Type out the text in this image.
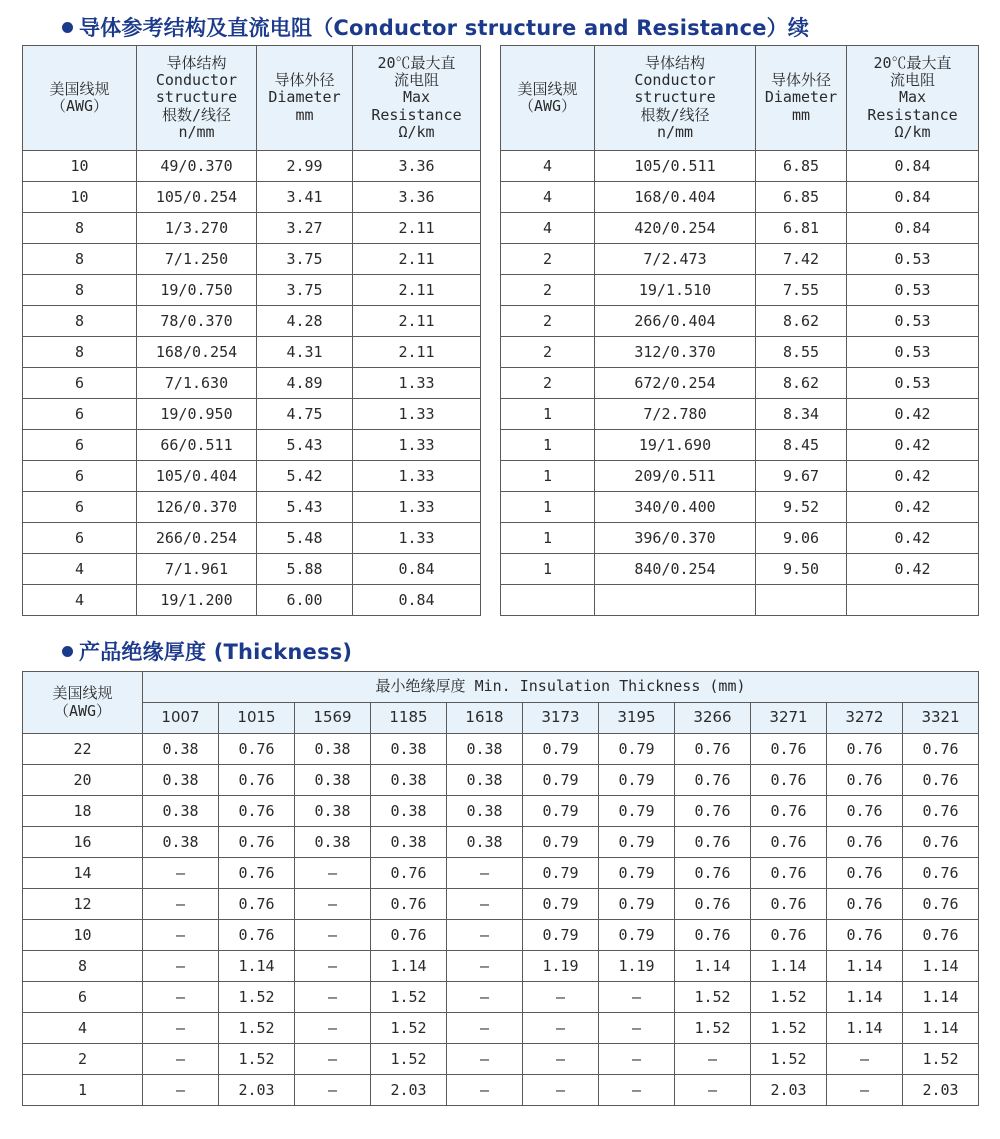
导体参考结构及直流电阻（Conductor structure and Resistance）续
美国线规
（AWG）	导体结构
Conductor
structure
根数/线径
n/mm	导体外径
Diameter
mm	20℃最大直
流电阻
Max
Resistance
Ω/km		美国线规
（AWG）	导体结构
Conductor
structure
根数/线径
n/mm	导体外径
Diameter
mm	20℃最大直
流电阻
Max
Resistance
Ω/km

10	49/0.370	2.99	3.36		4	105/0.511	6.85	0.84
10	105/0.254	3.41	3.36		4	168/0.404	6.85	0.84
8	1/3.270	3.27	2.11		4	420/0.254	6.81	0.84
8	7/1.250	3.75	2.11		2	7/2.473	7.42	0.53
8	19/0.750	3.75	2.11		2	19/1.510	7.55	0.53
8	78/0.370	4.28	2.11		2	266/0.404	8.62	0.53
8	168/0.254	4.31	2.11		2	312/0.370	8.55	0.53
6	7/1.630	4.89	1.33		2	672/0.254	8.62	0.53
6	19/0.950	4.75	1.33		1	7/2.780	8.34	0.42
6	66/0.511	5.43	1.33		1	19/1.690	8.45	0.42
6	105/0.404	5.42	1.33		1	209/0.511	9.67	0.42
6	126/0.370	5.43	1.33		1	340/0.400	9.52	0.42
6	266/0.254	5.48	1.33		1	396/0.370	9.06	0.42
4	7/1.961	5.88	0.84		1	840/0.254	9.50	0.42
4	19/1.200	6.00	0.84					
产品绝缘厚度 (Thickness)
美国线规
（AWG）	最小绝缘厚度 Min. Insulation Thickness (mm)										
	1007	1015	1569	1185	1618	3173	3195	3266	3271	3272	3321
22	0.38	0.76	0.38	0.38	0.38	0.79	0.79	0.76	0.76	0.76	0.76
20	0.38	0.76	0.38	0.38	0.38	0.79	0.79	0.76	0.76	0.76	0.76
18	0.38	0.76	0.38	0.38	0.38	0.79	0.79	0.76	0.76	0.76	0.76
16	0.38	0.76	0.38	0.38	0.38	0.79	0.79	0.76	0.76	0.76	0.76
14	–	0.76	–	0.76	–	0.79	0.79	0.76	0.76	0.76	0.76
12	–	0.76	–	0.76	–	0.79	0.79	0.76	0.76	0.76	0.76
10	–	0.76	–	0.76	–	0.79	0.79	0.76	0.76	0.76	0.76
8	–	1.14	–	1.14	–	1.19	1.19	1.14	1.14	1.14	1.14
6	–	1.52	–	1.52	–	–	–	1.52	1.52	1.14	1.14
4	–	1.52	–	1.52	–	–	–	1.52	1.52	1.14	1.14
2	–	1.52	–	1.52	–	–	–	–	1.52	–	1.52
1	–	2.03	–	2.03	–	–	–	–	2.03	–	2.03
